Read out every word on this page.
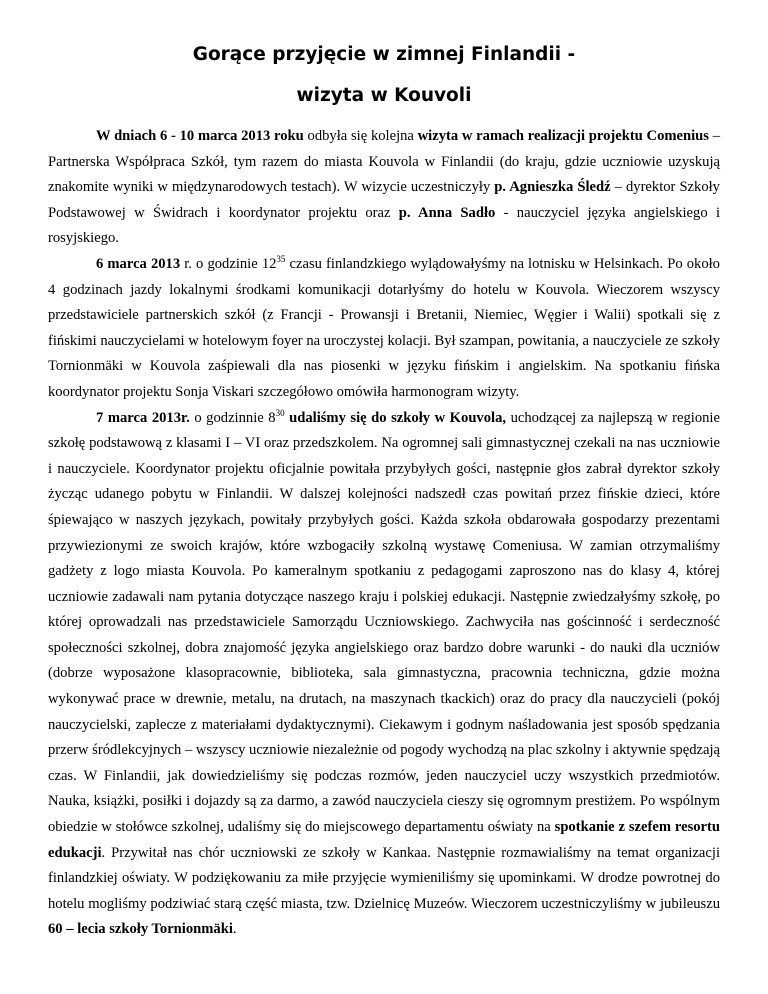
Gorące przyjęcie w zimnej Finlandii -
wizyta w Kouvoli

W dniach 6 - 10 marca 2013 roku odbyła się kolejna wizyta w ramach realizacji projektu Comenius – Partnerska Współpraca Szkół, tym razem do miasta Kouvola w Finlandii (do kraju, gdzie uczniowie uzyskują znakomite wyniki w międzynarodowych testach). W wizycie uczestniczyły p. Agnieszka Śledź – dyrektor Szkoły Podstawowej w Świdrach i koordynator projektu oraz p. Anna Sadło - nauczyciel języka angielskiego i rosyjskiego.

6 marca 2013 r. o godzinie $12^{35}$ czasu finlandzkiego wylądowałyśmy na lotnisku w Helsinkach. Po około 4 godzinach jazdy lokalnymi środkami komunikacji dotarłyśmy do hotelu w Kouvola. Wieczorem wszyscy przedstawiciele partnerskich szkół (z Francji - Prowansji i Bretanii, Niemiec, Węgier i Walii) spotkali się z fińskimi nauczycielami w hotelowym foyer na uroczystej kolacji. Był szampan, powitania, a nauczyciele ze szkoły Tornionmäki w Kouvola zaśpiewali dla nas piosenki w języku fińskim i angielskim. Na spotkaniu fińska koordynator projektu Sonja Viskari szczegółowo omówiła harmonogram wizyty.

7 marca 2013r. o godzinnie $8^{30}$ udaliśmy się do szkoły w Kouvola, uchodzącej za najlepszą w regionie szkołę podstawową z klasami I – VI oraz przedszkolem. Na ogromnej sali gimnastycznej czekali na nas uczniowie i nauczyciele. Koordynator projektu oficjalnie powitała przybyłych gości, następnie głos zabrał dyrektor szkoły życząc udanego pobytu w Finlandii. W dalszej kolejności nadszedł czas powitań przez fińskie dzieci, które śpiewająco w naszych językach, powitały przybyłych gości. Każda szkoła obdarowała gospodarzy prezentami przywiezionymi ze swoich krajów, które wzbogaciły szkolną wystawę Comeniusa. W zamian otrzymaliśmy gadżety z logo miasta Kouvola. Po kameralnym spotkaniu z pedagogami zaproszono nas do klasy 4, której uczniowie zadawali nam pytania dotyczące naszego kraju i polskiej edukacji. Następnie zwiedzałyśmy szkołę, po której oprowadzali nas przedstawiciele Samorządu Uczniowskiego. Zachwyciła nas gościnność i serdeczność społeczności szkolnej, dobra znajomość języka angielskiego oraz bardzo dobre warunki - do nauki dla uczniów (dobrze wyposażone klasopracownie, biblioteka, sala gimnastyczna, pracownia techniczna, gdzie można wykonywać prace w drewnie, metalu, na drutach, na maszynach tkackich) oraz do pracy dla nauczycieli (pokój nauczycielski, zaplecze z materiałami dydaktycznymi). Ciekawym i godnym naśladowania jest sposób spędzania przerw śródlekcyjnych – wszyscy uczniowie niezależnie od pogody wychodzą na plac szkolny i aktywnie spędzają czas. W Finlandii, jak dowiedzieliśmy się podczas rozmów, jeden nauczyciel uczy wszystkich przedmiotów. Nauka, książki, posiłki i dojazdy są za darmo, a zawód nauczyciela cieszy się ogromnym prestiżem. Po wspólnym obiedzie w stołówce szkolnej, udaliśmy się do miejscowego departamentu oświaty na spotkanie z szefem resortu edukacji. Przywitał nas chór uczniowski ze szkoły w Kankaa. Następnie rozmawialiśmy na temat organizacji finlandzkiej oświaty. W podziękowaniu za miłe przyjęcie wymieniliśmy się upominkami. W drodze powrotnej do hotelu mogliśmy podziwiać starą część miasta, tzw. Dzielnicę Muzeów. Wieczorem uczestniczyliśmy w jubileuszu 60 – lecia szkoły Tornionmäki.
